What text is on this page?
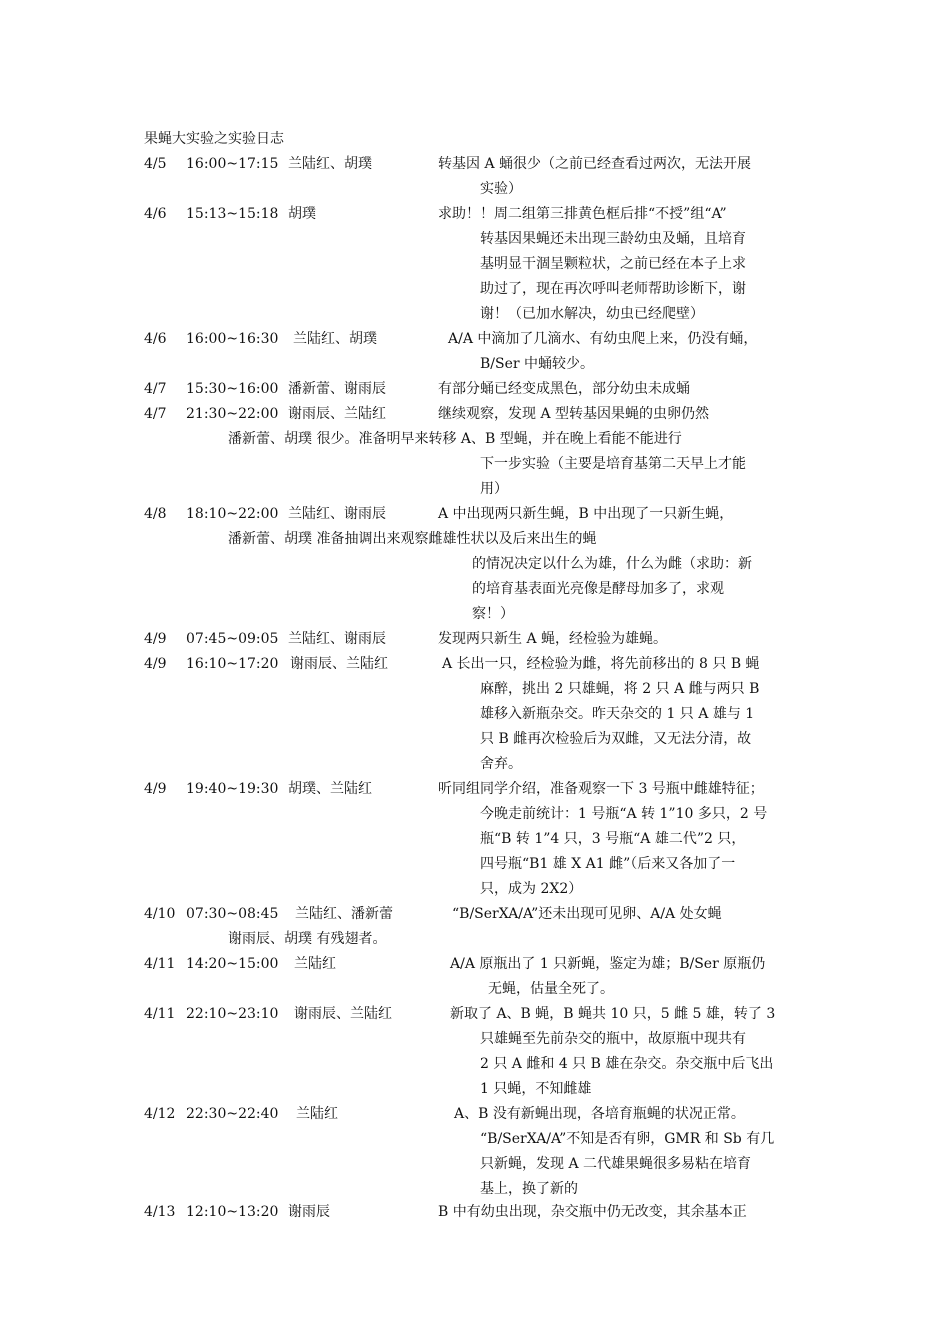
果蝇大实验之实验日志
4/5 16:00~17:15 兰陆红、胡璞	转基因 A 蛹很少（之前已经查看过两次，无法开展
实验）
4/6 15:13~15:18 胡璞	求助！！周二组第三排黄色框后排“不授”组“A”
转基因果蝇还未出现三龄幼虫及蛹，且培育
基明显干涸呈颗粒状，之前已经在本子上求
助过了，现在再次呼叫老师帮助诊断下，谢
谢！（已加水解决，幼虫已经爬壁）
4/6 16:00~16:30 兰陆红、胡璞	A/A 中滴加了几滴水、有幼虫爬上来，仍没有蛹，
B/Ser 中蛹较少。
4/7 15:30~16:00 潘新蕾、谢雨辰	有部分蛹已经变成黑色，部分幼虫未成蛹
4/7 21:30~22:00 谢雨辰、兰陆红	继续观察，发现 A 型转基因果蝇的虫卵仍然
潘新蕾、胡璞 很少。准备明早来转移 A、B 型蝇，并在晚上看能不能进行
下一步实验（主要是培育基第二天早上才能
用）
4/8 18:10~22:00 兰陆红、谢雨辰	A 中出现两只新生蝇，B 中出现了一只新生蝇，
潘新蕾、胡璞 准备抽调出来观察雌雄性状以及后来出生的蝇
的情况决定以什么为雄，什么为雌（求助：新
的培育基表面光亮像是酵母加多了，求观
察！）
4/9 07:45~09:05 兰陆红、谢雨辰	发现两只新生 A 蝇，经检验为雄蝇。
4/9 16:10~17:20 谢雨辰、兰陆红	A 长出一只，经检验为雌，将先前移出的 8 只 B 蝇
麻醉，挑出 2 只雄蝇，将 2 只 A 雌与两只 B
雄移入新瓶杂交。昨天杂交的 1 只 A 雄与 1
只 B 雌再次检验后为双雌，又无法分清，故
舍弃。
4/9 19:40~19:30 胡璞、兰陆红	听同组同学介绍，准备观察一下 3 号瓶中雌雄特征；
今晚走前统计：1 号瓶“A 转 1”10 多只，2 号
瓶“B 转 1”4 只，3 号瓶“A 雄二代”2 只，
四号瓶“B1 雄 X A1 雌”（后来又各加了一
只，成为 2X2）
4/10 07:30~08:45 兰陆红、潘新蕾	“B/SerXA/A”还未出现可见卵、A/A 处女蝇
谢雨辰、胡璞 有残翅者。
4/11 14:20~15:00 兰陆红	A/A 原瓶出了 1 只新蝇，鉴定为雄；B/Ser 原瓶仍
无蝇，估量全死了。
4/11 22:10~23:10 谢雨辰、兰陆红	新取了 A、B 蝇，B 蝇共 10 只，5 雌 5 雄，转了 3
只雄蝇至先前杂交的瓶中，故原瓶中现共有
2 只 A 雌和 4 只 B 雄在杂交。杂交瓶中后飞出
1 只蝇，不知雌雄
4/12 22:30~22:40 兰陆红	A、B 没有新蝇出现，各培育瓶蝇的状况正常。
“B/SerXA/A”不知是否有卵，GMR 和 Sb 有几
只新蝇，发现 A 二代雄果蝇很多易粘在培育
基上，换了新的
4/13 12:10~13:20 谢雨辰	B 中有幼虫出现，杂交瓶中仍无改变，其余基本正
